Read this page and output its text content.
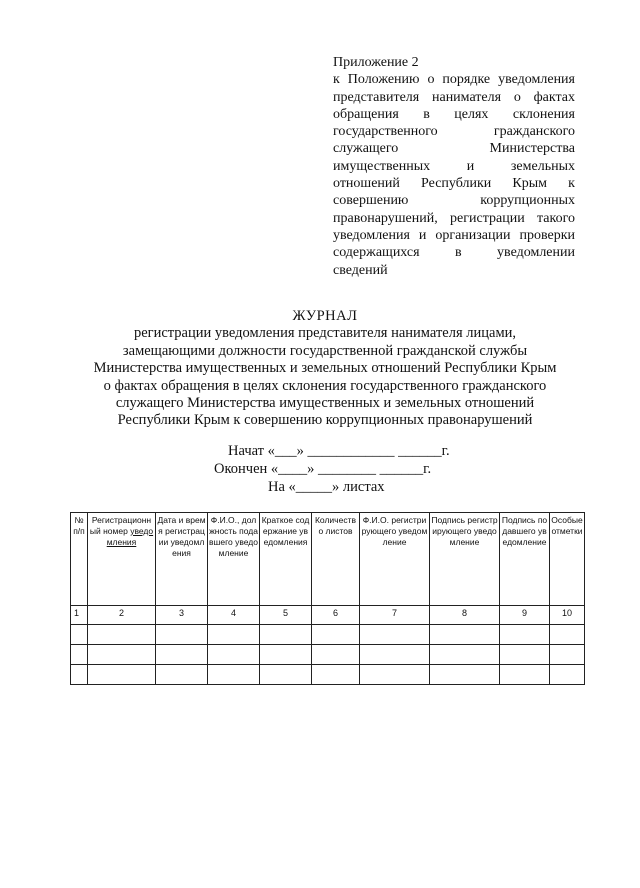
Приложение 2
к Положению о порядке уведомления
представителя нанимателя о фактах
обращения в целях склонения
государственного гражданского
служащего Министерства
имущественных и земельных
отношений Республики Крым к
совершению коррупционных
правонарушений, регистрации такого
уведомления и организации проверки
содержащихся в уведомлении
сведений
ЖУРНАЛ
регистрации уведомления представителя нанимателя лицами,
замещающими должности государственной гражданской службы
Министерства имущественных и земельных отношений Республики Крым
о фактах обращения в целях склонения государственного гражданского
служащего Министерства имущественных и земельных отношений
Республики Крым к совершению коррупционных правонарушений
Начат «___» ____________ ______г.
Окончен «____» ________ ______г.
На «_____» листах
№ п/п	Регистрационный номер уведомления	Дата и время регистрации уведомления	Ф.И.О., должность подавшего уведомление	Краткое содержание уведомления	Количество листов	Ф.И.О. регистрирующего уведомление	Подпись регистрирующего уведомление	Подпись подавшего уведомление	Особые отметки
1	2	3	4	5	6	7	8	9	10
